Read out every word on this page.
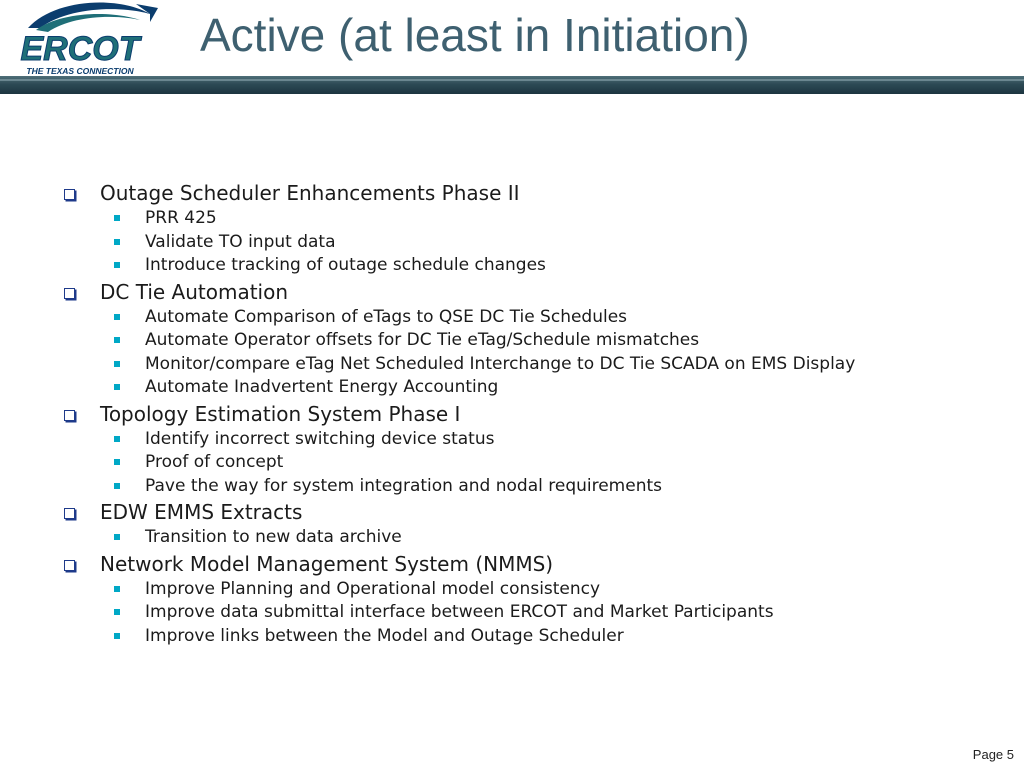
ERCOT
THE TEXAS CONNECTION
Active (at least in Initiation)
Outage Scheduler Enhancements Phase II
PRR 425
Validate TO input data
Introduce tracking of outage schedule changes
DC Tie Automation
Automate Comparison of eTags to QSE DC Tie Schedules
Automate Operator offsets for DC Tie eTag/Schedule mismatches
Monitor/compare eTag Net Scheduled Interchange to DC Tie SCADA on EMS Display
Automate Inadvertent Energy Accounting
Topology Estimation System Phase I
Identify incorrect switching device status
Proof of concept
Pave the way for system integration and nodal requirements
EDW EMMS Extracts
Transition to new data archive
Network Model Management System (NMMS)
Improve Planning and Operational model consistency
Improve data submittal interface between ERCOT and Market Participants
Improve links between the Model and Outage Scheduler
Page 5
